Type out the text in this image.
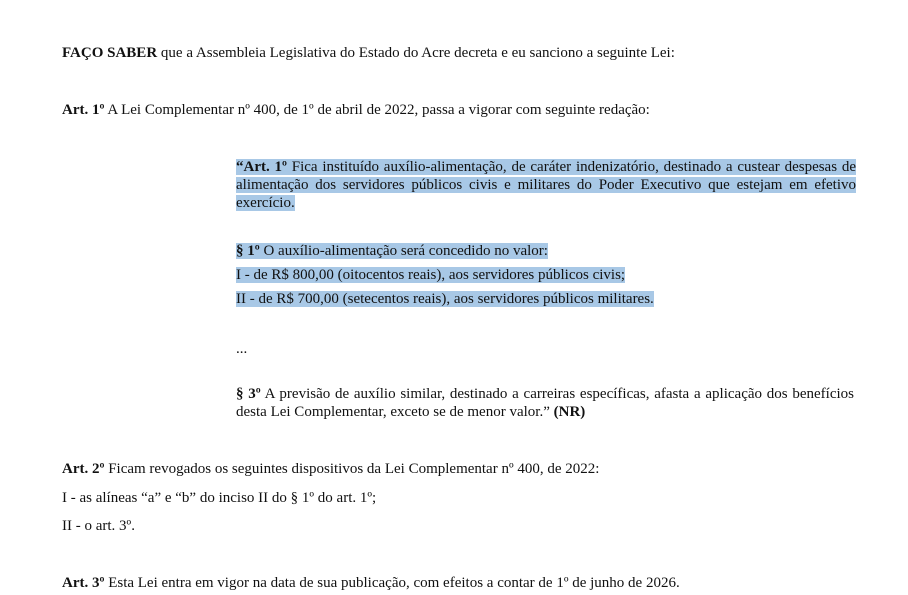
FAÇO SABER que a Assembleia Legislativa do Estado do Acre decreta e eu sanciono a seguinte Lei:
Art. 1º A Lei Complementar nº 400, de 1º de abril de 2022, passa a vigorar com seguinte redação:
“Art. 1º Fica instituído auxílio-alimentação, de caráter indenizatório, destinado a custear despesas de alimentação dos servidores públicos civis e militares do Poder Executivo que estejam em efetivo exercício.
§ 1º O auxílio-alimentação será concedido no valor:
I - de R$ 800,00 (oitocentos reais), aos servidores públicos civis;
II - de R$ 700,00 (setecentos reais), aos servidores públicos militares.
...
§ 3º A previsão de auxílio similar, destinado a carreiras específicas, afasta a aplicação dos benefícios desta Lei Complementar, exceto se de menor valor.” (NR)
Art. 2º Ficam revogados os seguintes dispositivos da Lei Complementar nº 400, de 2022:
I - as alíneas “a” e “b” do inciso II do § 1º do art. 1º;
II - o art. 3º.
Art. 3º Esta Lei entra em vigor na data de sua publicação, com efeitos a contar de 1º de junho de 2026.
